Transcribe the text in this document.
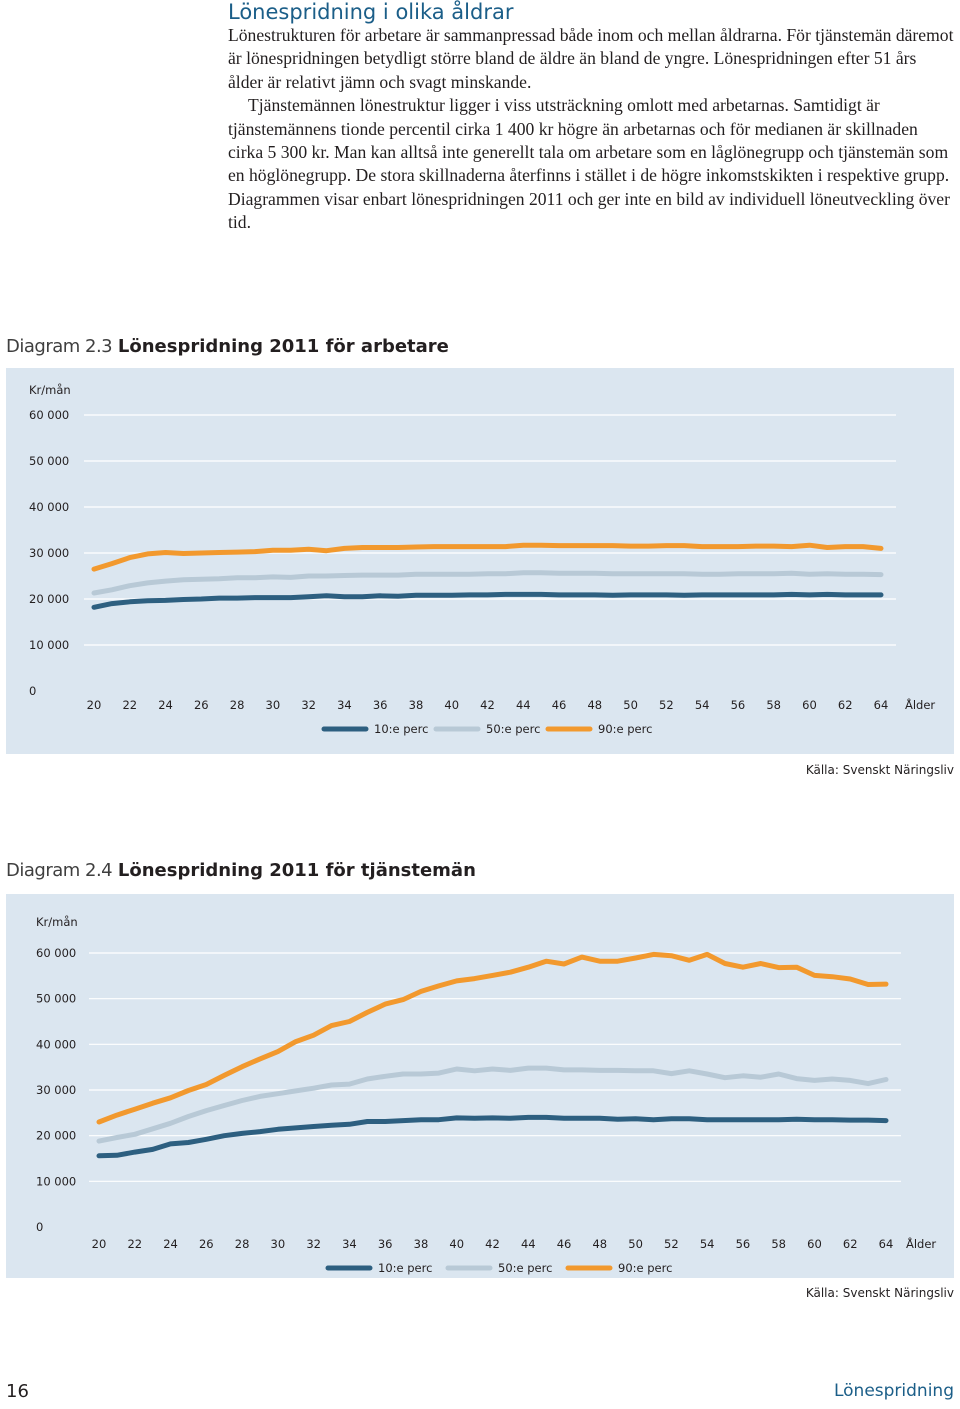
Lönespridning i olika åldrar

Lönestrukturen för arbetare är sammanpressad både inom och mellan åldrarna. För tjänstemän däremot är lönespridningen betydligt större bland de äldre än bland de yngre. Lönespridningen efter 51 års ålder är relativt jämn och svagt minskande.

Tjänstemännen lönestruktur ligger i viss utsträckning omlott med arbetarnas. Samtidigt är tjänstemännens tionde percentil cirka 1 400 kr högre än arbetarnas och för medianen är skillnaden cirka 5 300 kr. Man kan alltså inte generellt tala om arbetare som en låglönegrupp och tjänstemän som en höglönegrupp. De stora skillnaderna återfinns i stället i de högre inkomstskikten i respektive grupp. Diagrammen visar enbart lönespridningen 2011 och ger inte en bild av individuell löneutveckling över tid.

Diagram 2.3 Lönespridning 2011 för arbetare
Kr/mån
0
10 000
20 000
30 000
40 000
50 000
60 000
20 22 24 26 28 30 32 34 36 38 40 42 44 46 48 50 52 54 56 58 60 62 64 Ålder
10:e perc	50:e perc	90:e perc
Källa: Svenskt Näringsliv
Diagram 2.4 Lönespridning 2011 för tjänstemän
Kr/mån
0
10 000
20 000
30 000
40 000
50 000
60 000
20 22 24 26 28 30 32 34 36 38 40 42 44 46 48 50 52 54 56 58 60 62 64 Ålder
10:e perc	50:e perc	90:e perc
Källa: Svenskt Näringsliv
16	Lönespridning
